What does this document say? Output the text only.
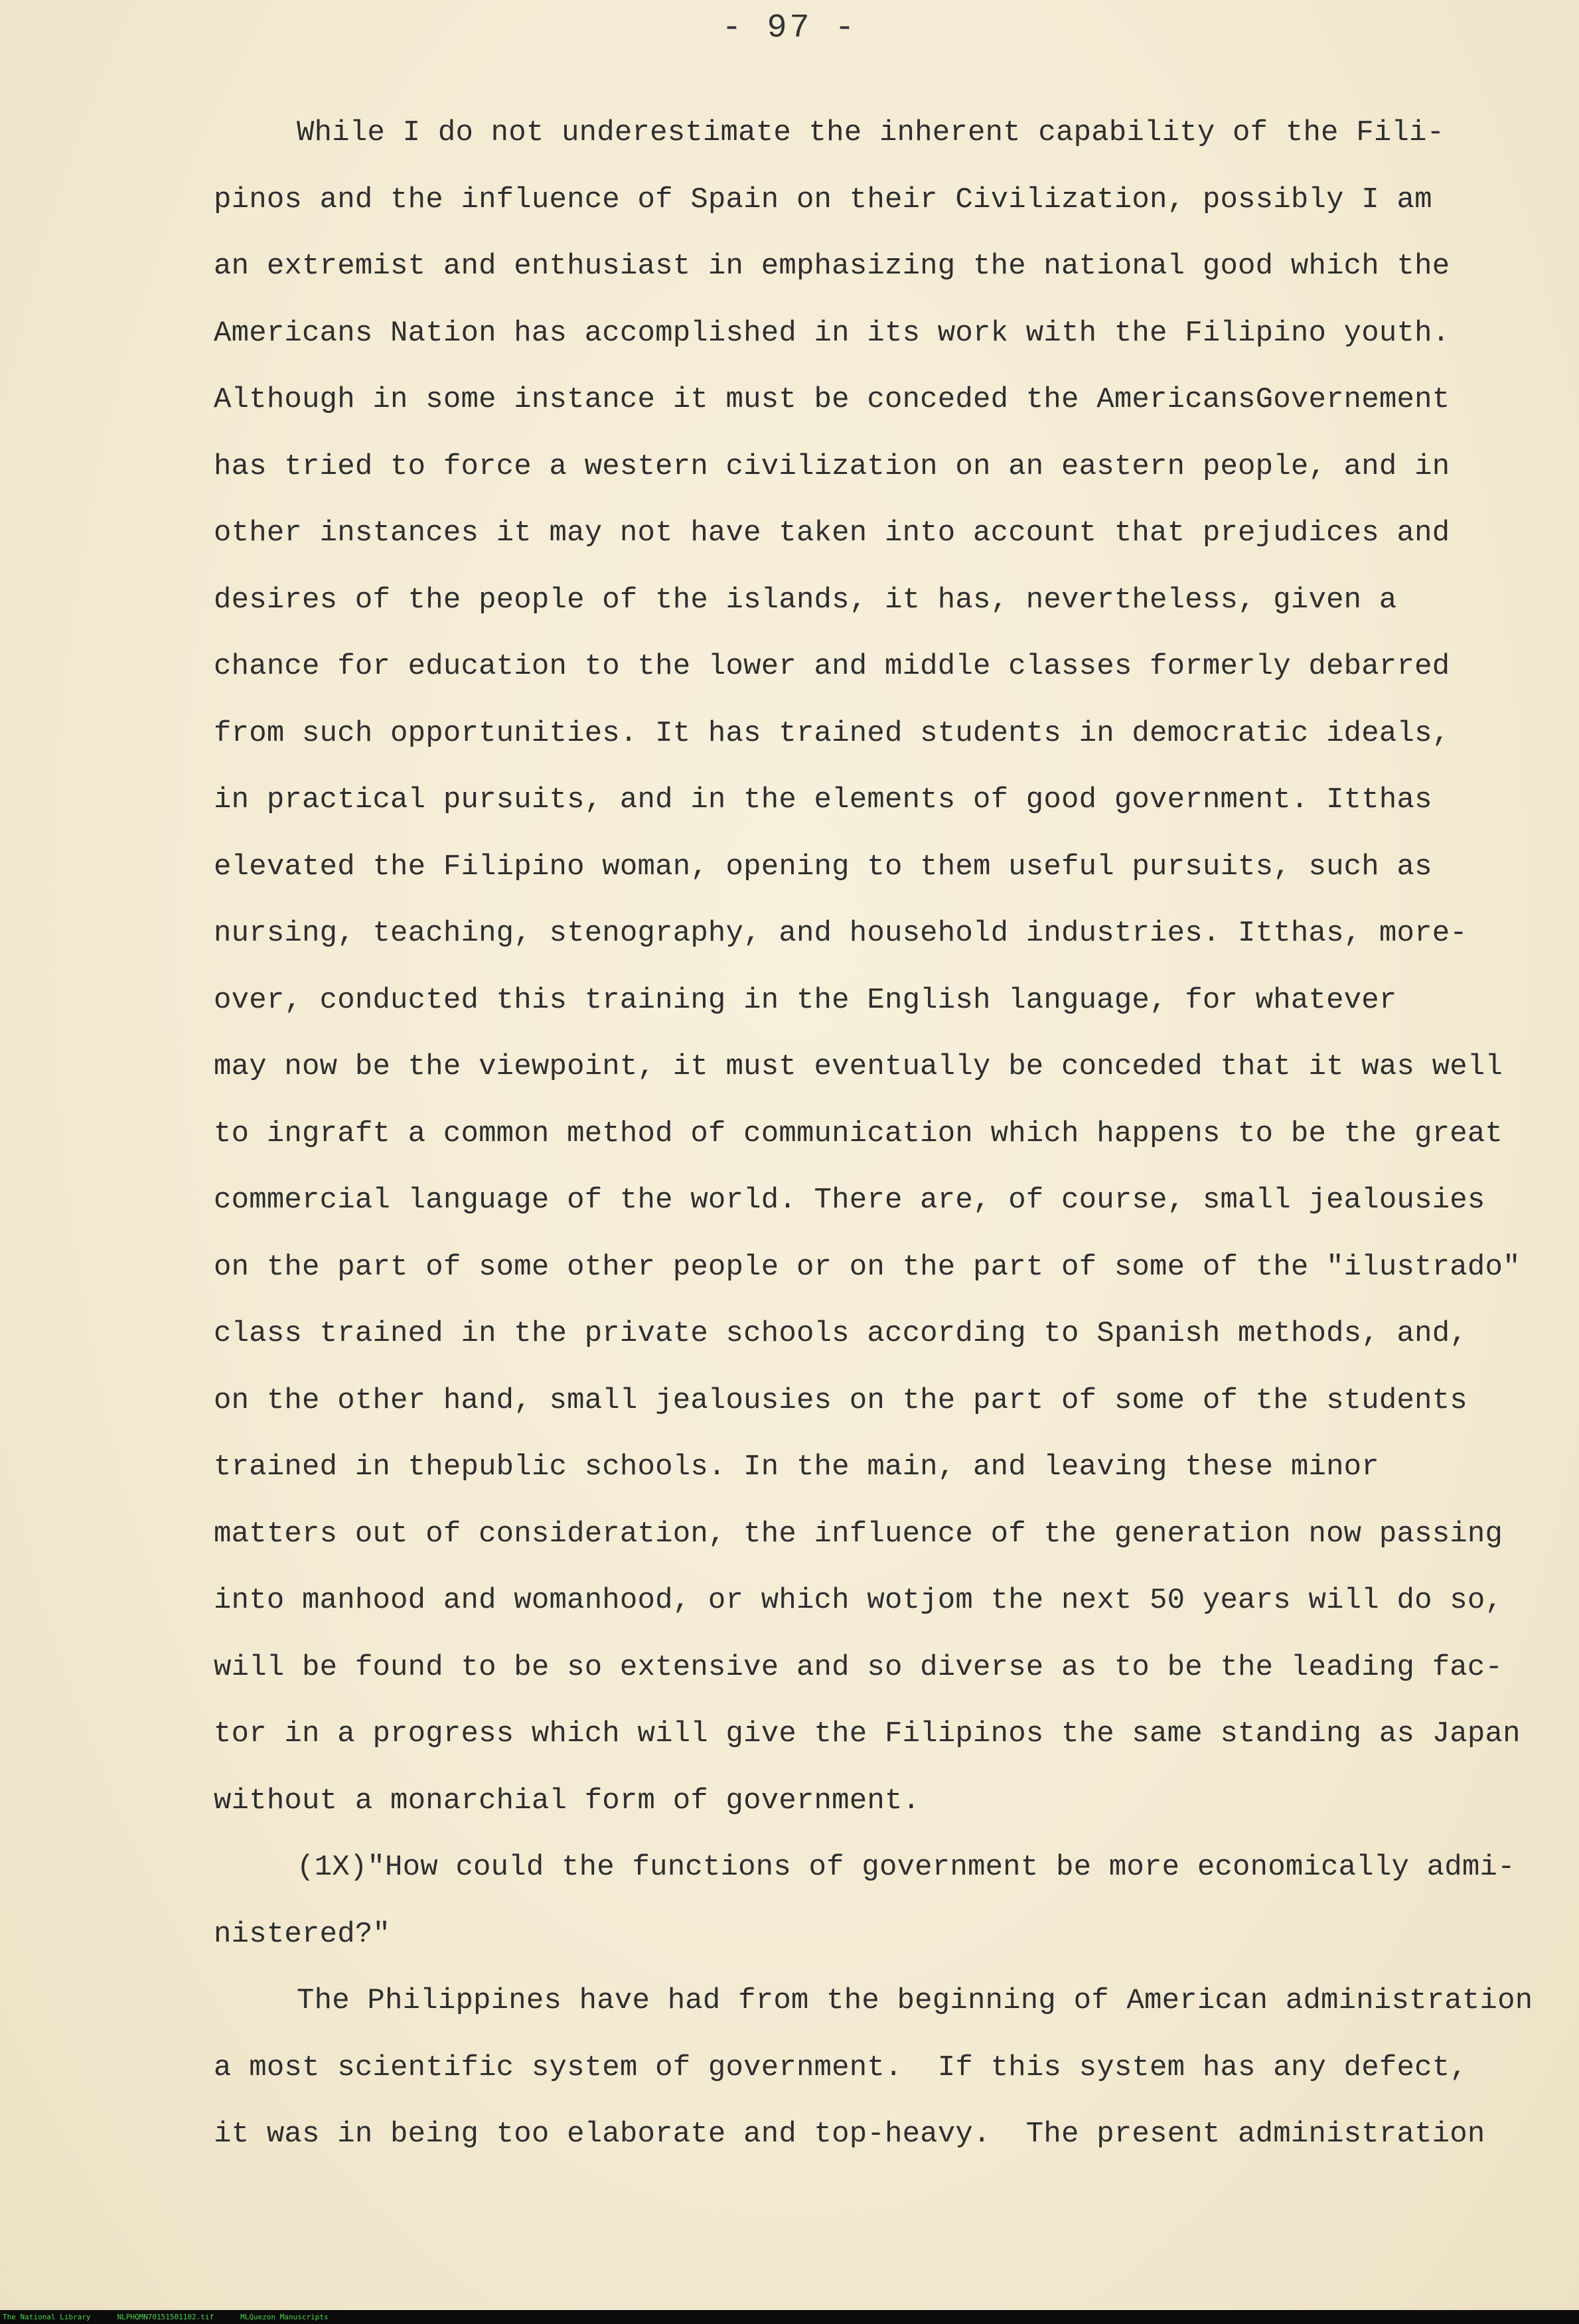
- 97 -
While I do not underestimate the inherent capability of the Fili-
pinos and the influence of Spain on their Civilization, possibly I am
an extremist and enthusiast in emphasizing the national good which the
Americans Nation has accomplished in its work with the Filipino youth.
Although in some instance it must be conceded the AmericansGovernement
has tried to force a western civilization on an eastern people, and in
other instances it may not have taken into account that prejudices and
desires of the people of the islands, it has, nevertheless, given a
chance for education to the lower and middle classes formerly debarred
from such opportunities. It has trained students in democratic ideals,
in practical pursuits, and in the elements of good government. Itthas
elevated the Filipino woman, opening to them useful pursuits, such as
nursing, teaching, stenography, and household industries. Itthas, more-
over, conducted this training in the English language, for whatever
may now be the viewpoint, it must eventually be conceded that it was well
to ingraft a common method of communication which happens to be the great
commercial language of the world. There are, of course, small jealousies
on the part of some other people or on the part of some of the "ilustrado"
class trained in the private schools according to Spanish methods, and,
on the other hand, small jealousies on the part of some of the students
trained in thepublic schools. In the main, and leaving these minor
matters out of consideration, the influence of the generation now passing
into manhood and womanhood, or which wotjom the next 50 years will do so,
will be found to be so extensive and so diverse as to be the leading fac-
tor in a progress which will give the Filipinos the same standing as Japan
without a monarchial form of government.
(1X)"How could the functions of government be more economically admi-
nistered?"
The Philippines have had from the beginning of American administration
a most scientific system of government.  If this system has any defect,
it was in being too elaborate and top-heavy.  The present administration
The National Library	NLPHQMN70151501102.tif	MLQuezon Manuscripts
